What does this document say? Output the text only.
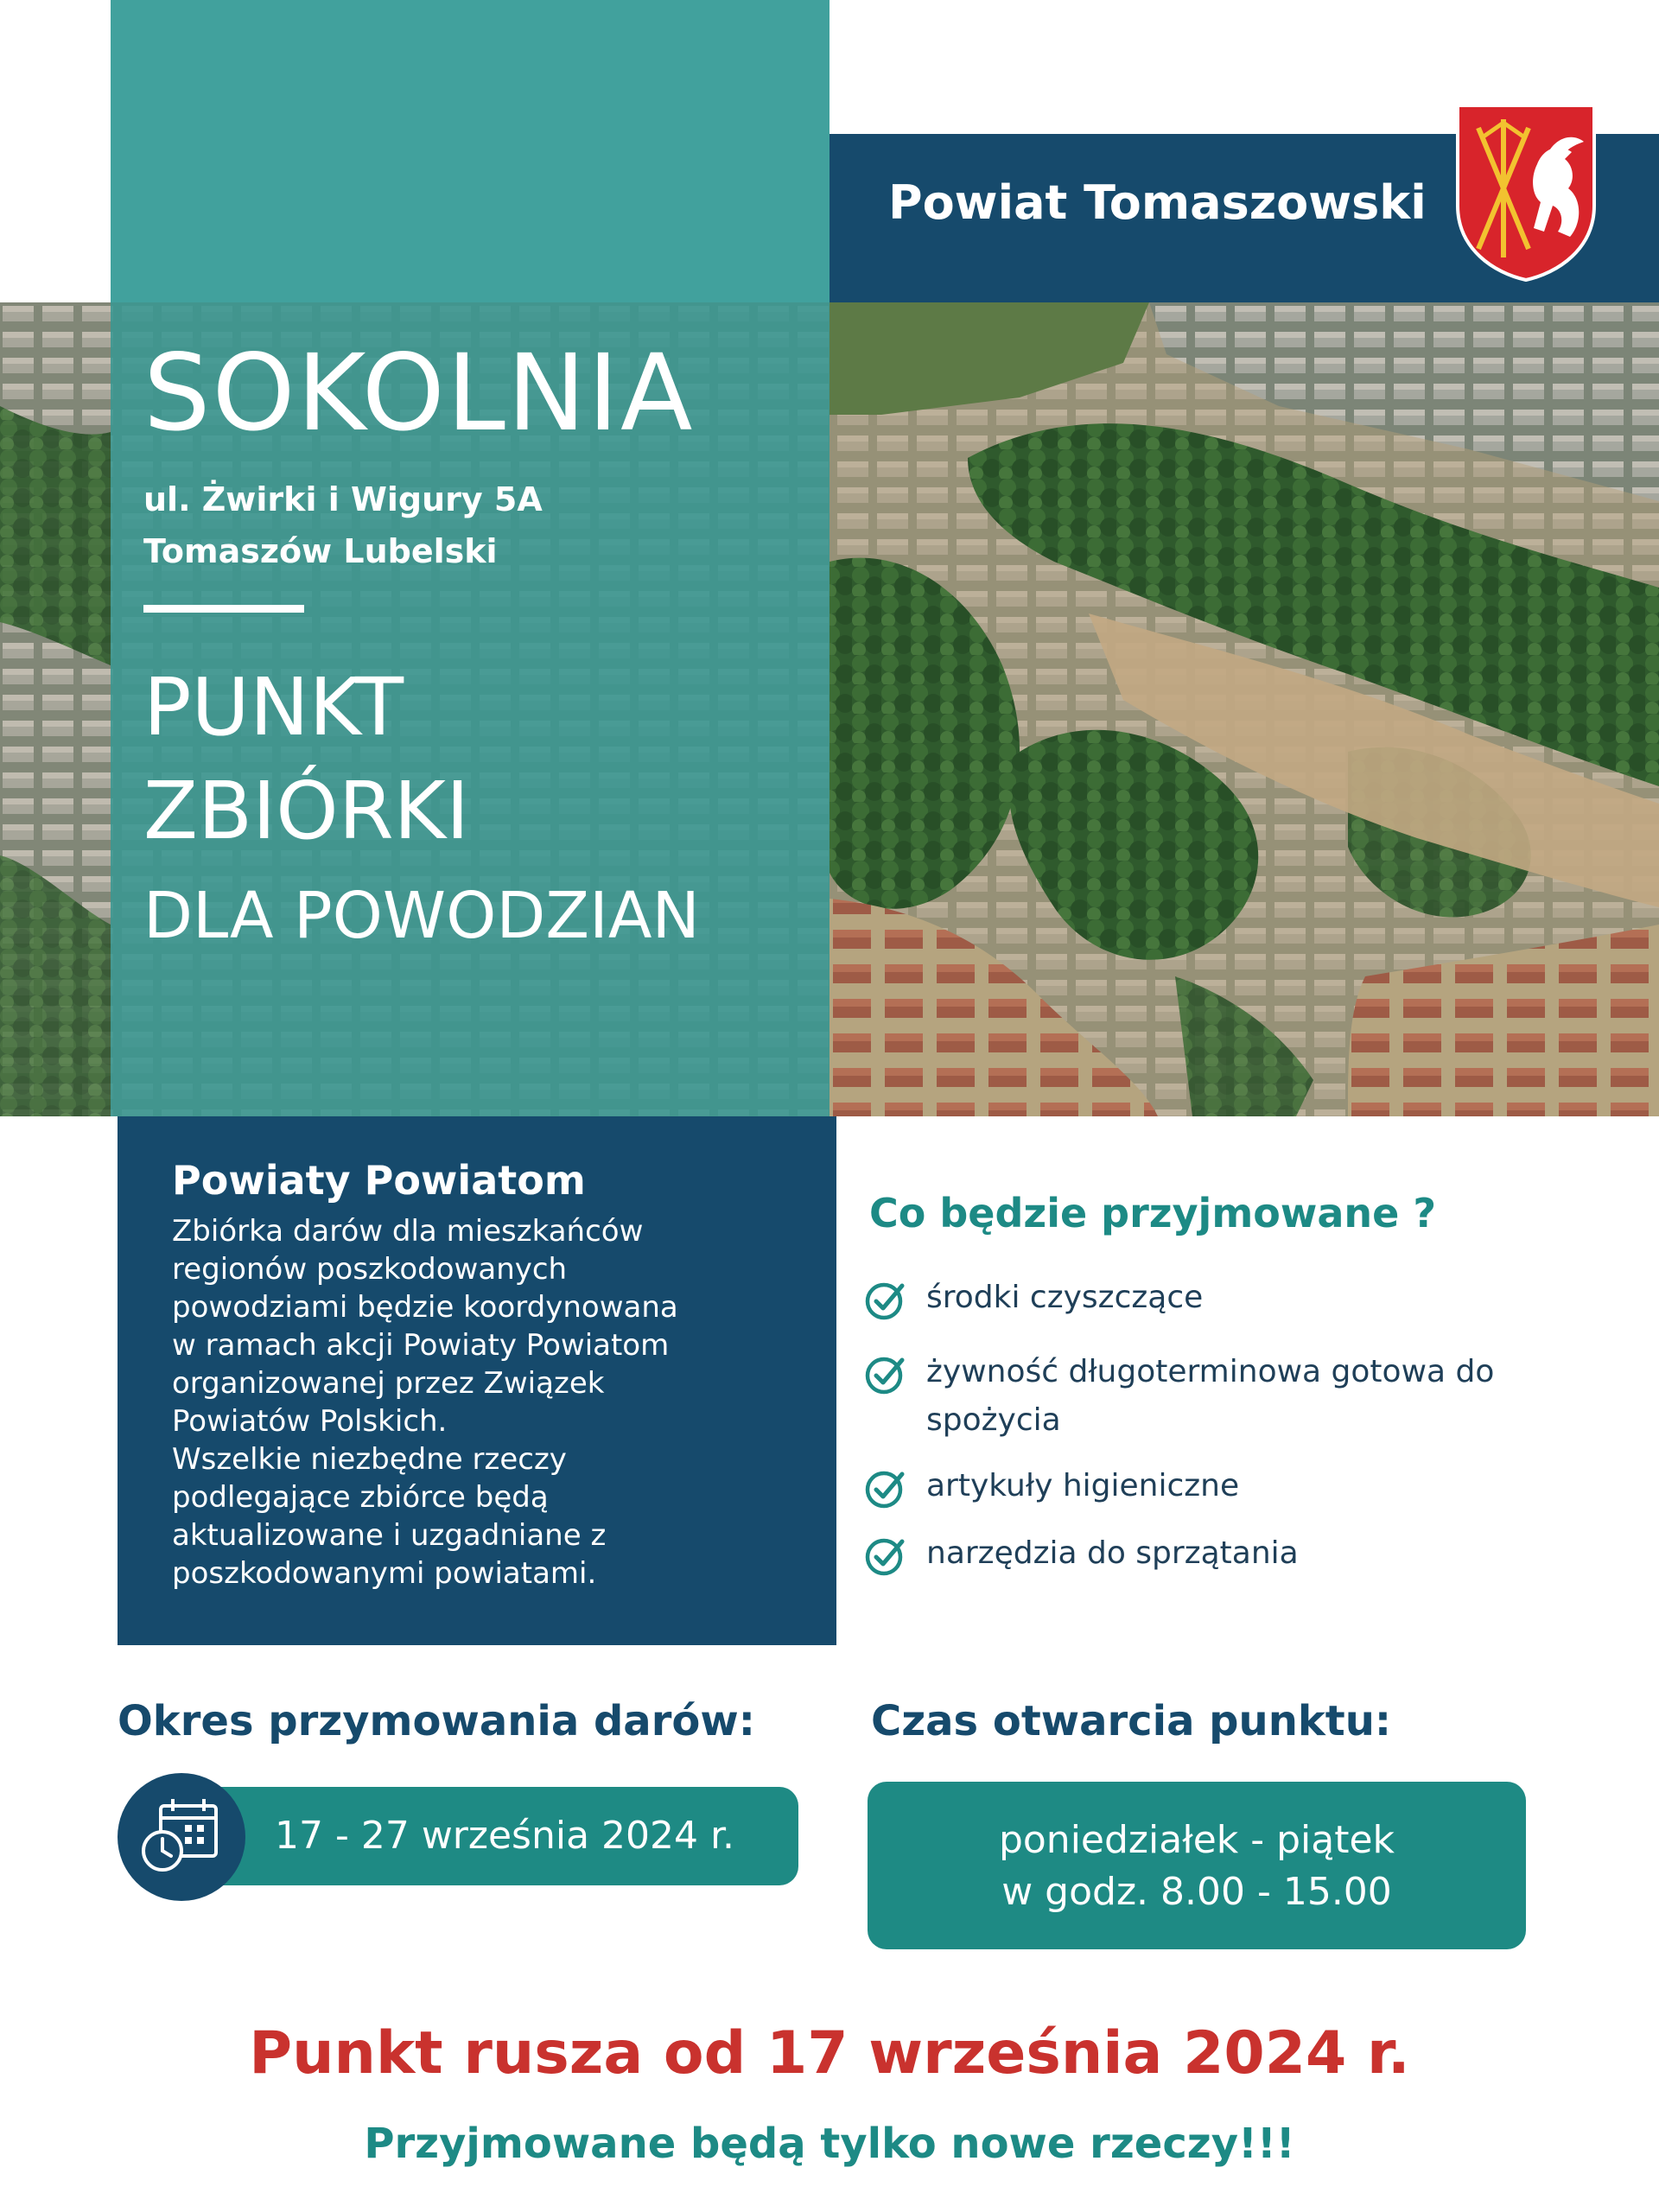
Powiat Tomaszowski
SOKOLNIA
ul. Żwirki i Wigury 5A
Tomaszów Lubelski
PUNKT
ZBIÓRKI
DLA POWODZIAN
Powiaty Powiatom
Zbiórka darów dla mieszkańców
regionów poszkodowanych
powodziami będzie koordynowana
w ramach akcji Powiaty Powiatom
organizowanej przez Związek
Powiatów Polskich.
Wszelkie niezbędne rzeczy
podlegające zbiórce będą
aktualizowane i uzgadniane z
poszkodowanymi powiatami.
Co będzie przyjmowane ?
środki czyszczące
żywność długoterminowa gotowa do
spożycia
artykuły higieniczne
narzędzia do sprzątania
Okres przymowania darów:
17 - 27 września 2024 r.
Czas otwarcia punktu:
poniedziałek - piątek
w godz. 8.00 - 15.00
Punkt rusza od 17 września 2024 r.
Przyjmowane będą tylko nowe rzeczy!!!
